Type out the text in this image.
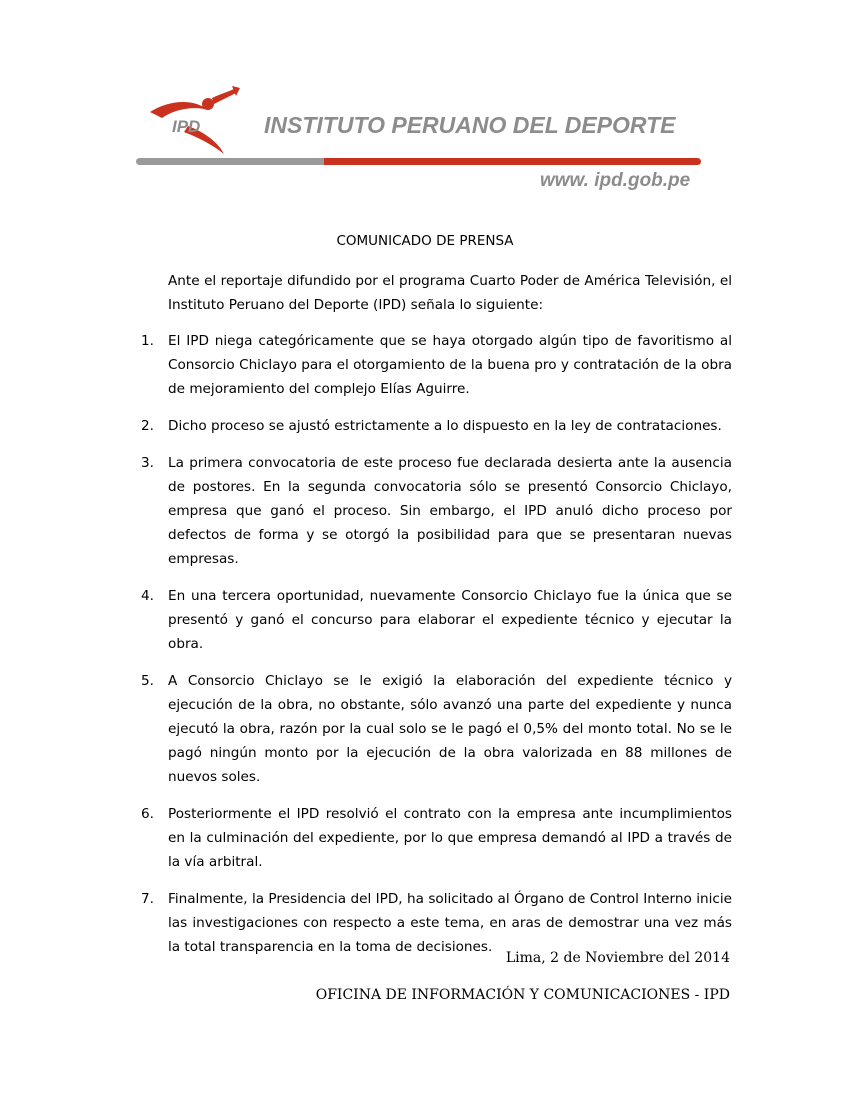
IPD	INSTITUTO PERUANO DEL DEPORTE
www. ipd.gob.pe
COMUNICADO DE PRENSA

Ante el reportaje difundido por el programa Cuarto Poder de América Televisión, el Instituto Peruano del Deporte (IPD) señala lo siguiente:

1. El IPD niega categóricamente que se haya otorgado algún tipo de favoritismo al Consorcio Chiclayo para el otorgamiento de la buena pro y contratación de la obra de mejoramiento del complejo Elías Aguirre.
2. Dicho proceso se ajustó estrictamente a lo dispuesto en la ley de contrataciones.
3. La primera convocatoria de este proceso fue declarada desierta ante la ausencia de postores. En la segunda convocatoria sólo se presentó Consorcio Chiclayo, empresa que ganó el proceso. Sin embargo, el IPD anuló dicho proceso por defectos de forma y se otorgó la posibilidad para que se presentaran nuevas empresas.
4. En una tercera oportunidad, nuevamente Consorcio Chiclayo fue la única que se presentó y ganó el concurso para elaborar el expediente técnico y ejecutar la obra.
5. A Consorcio Chiclayo se le exigió la elaboración del expediente técnico y ejecución de la obra, no obstante, sólo avanzó una parte del expediente y nunca ejecutó la obra, razón por la cual solo se le pagó el 0,5% del monto total. No se le pagó ningún monto por la ejecución de la obra valorizada en 88 millones de nuevos soles.
6. Posteriormente el IPD resolvió el contrato con la empresa ante incumplimientos en la culminación del expediente, por lo que empresa demandó al IPD a través de la vía arbitral.
7. Finalmente, la Presidencia del IPD, ha solicitado al Órgano de Control Interno inicie las investigaciones con respecto a este tema, en aras de demostrar una vez más la total transparencia en la toma de decisiones.
Lima, 2 de Noviembre del 2014
OFICINA DE INFORMACIÓN Y COMUNICACIONES - IPD
